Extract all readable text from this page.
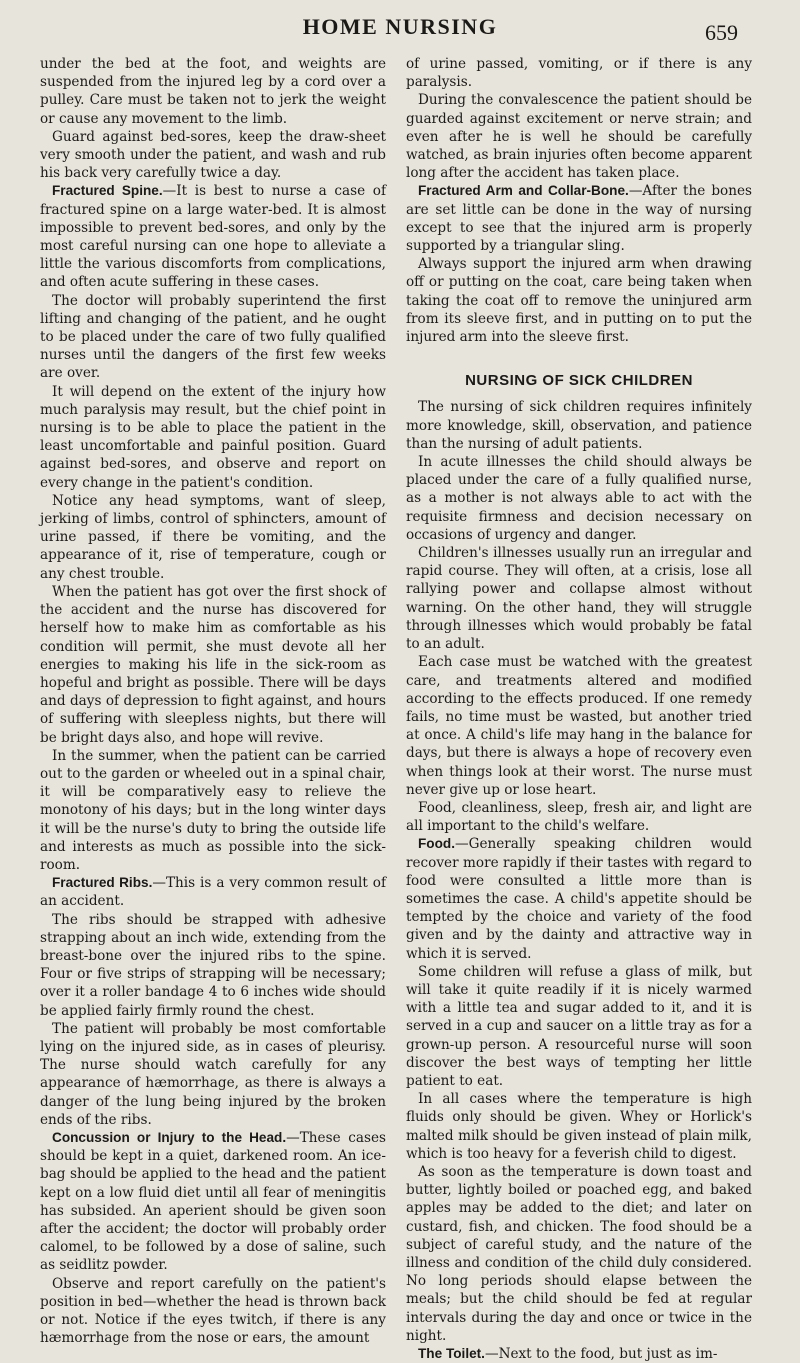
HOME NURSING	659

under the bed at the foot, and weights are suspended from the injured leg by a cord over a pulley. Care must be taken not to jerk the weight or cause any movement to the limb.

Guard against bed-sores, keep the draw-sheet very smooth under the patient, and wash and rub his back very carefully twice a day.

Fractured Spine.—It is best to nurse a case of fractured spine on a large water-bed. It is almost impossible to prevent bed-sores, and only by the most careful nursing can one hope to alleviate a little the various discomforts from complications, and often acute suffering in these cases.

The doctor will probably superintend the first lifting and changing of the patient, and he ought to be placed under the care of two fully qualified nurses until the dangers of the first few weeks are over.

It will depend on the extent of the injury how much paralysis may result, but the chief point in nursing is to be able to place the patient in the least uncomfortable and painful position. Guard against bed-sores, and observe and report on every change in the patient's condition.

Notice any head symptoms, want of sleep, jerking of limbs, control of sphincters, amount of urine passed, if there be vomiting, and the appearance of it, rise of temperature, cough or any chest trouble.

When the patient has got over the first shock of the accident and the nurse has discovered for herself how to make him as comfortable as his condition will permit, she must devote all her energies to making his life in the sick-room as hopeful and bright as possible. There will be days and days of depression to fight against, and hours of suffering with sleepless nights, but there will be bright days also, and hope will revive.

In the summer, when the patient can be carried out to the garden or wheeled out in a spinal chair, it will be comparatively easy to relieve the monotony of his days; but in the long winter days it will be the nurse's duty to bring the outside life and interests as much as possible into the sick-room.

Fractured Ribs.—This is a very common result of an accident.

The ribs should be strapped with adhesive strapping about an inch wide, extending from the breast-bone over the injured ribs to the spine. Four or five strips of strapping will be necessary; over it a roller bandage 4 to 6 inches wide should be applied fairly firmly round the chest.

The patient will probably be most comfortable lying on the injured side, as in cases of pleurisy. The nurse should watch carefully for any appearance of hæmorrhage, as there is always a danger of the lung being injured by the broken ends of the ribs.

Concussion or Injury to the Head.—These cases should be kept in a quiet, darkened room. An ice-bag should be applied to the head and the patient kept on a low fluid diet until all fear of meningitis has subsided. An aperient should be given soon after the accident; the doctor will probably order calomel, to be followed by a dose of saline, such as seidlitz powder.

Observe and report carefully on the patient's position in bed—whether the head is thrown back or not. Notice if the eyes twitch, if there is any hæmorrhage from the nose or ears, the amount

of urine passed, vomiting, or if there is any paralysis.

During the convalescence the patient should be guarded against excitement or nerve strain; and even after he is well he should be carefully watched, as brain injuries often become apparent long after the accident has taken place.

Fractured Arm and Collar-Bone.—After the bones are set little can be done in the way of nursing except to see that the injured arm is properly supported by a triangular sling.

Always support the injured arm when drawing off or putting on the coat, care being taken when taking the coat off to remove the uninjured arm from its sleeve first, and in putting on to put the injured arm into the sleeve first.

NURSING OF SICK CHILDREN

The nursing of sick children requires infinitely more knowledge, skill, observation, and patience than the nursing of adult patients.

In acute illnesses the child should always be placed under the care of a fully qualified nurse, as a mother is not always able to act with the requisite firmness and decision necessary on occasions of urgency and danger.

Children's illnesses usually run an irregular and rapid course. They will often, at a crisis, lose all rallying power and collapse almost without warning. On the other hand, they will struggle through illnesses which would probably be fatal to an adult.

Each case must be watched with the greatest care, and treatments altered and modified according to the effects produced. If one remedy fails, no time must be wasted, but another tried at once. A child's life may hang in the balance for days, but there is always a hope of recovery even when things look at their worst. The nurse must never give up or lose heart.

Food, cleanliness, sleep, fresh air, and light are all important to the child's welfare.

Food.—Generally speaking children would recover more rapidly if their tastes with regard to food were consulted a little more than is sometimes the case. A child's appetite should be tempted by the choice and variety of the food given and by the dainty and attractive way in which it is served.

Some children will refuse a glass of milk, but will take it quite readily if it is nicely warmed with a little tea and sugar added to it, and it is served in a cup and saucer on a little tray as for a grown-up person. A resourceful nurse will soon discover the best ways of tempting her little patient to eat.

In all cases where the temperature is high fluids only should be given. Whey or Horlick's malted milk should be given instead of plain milk, which is too heavy for a feverish child to digest.

As soon as the temperature is down toast and butter, lightly boiled or poached egg, and baked apples may be added to the diet; and later on custard, fish, and chicken. The food should be a subject of careful study, and the nature of the illness and condition of the child duly considered. No long periods should elapse between the meals; but the child should be fed at regular intervals during the day and once or twice in the night.

The Toilet.—Next to the food, but just as im-
